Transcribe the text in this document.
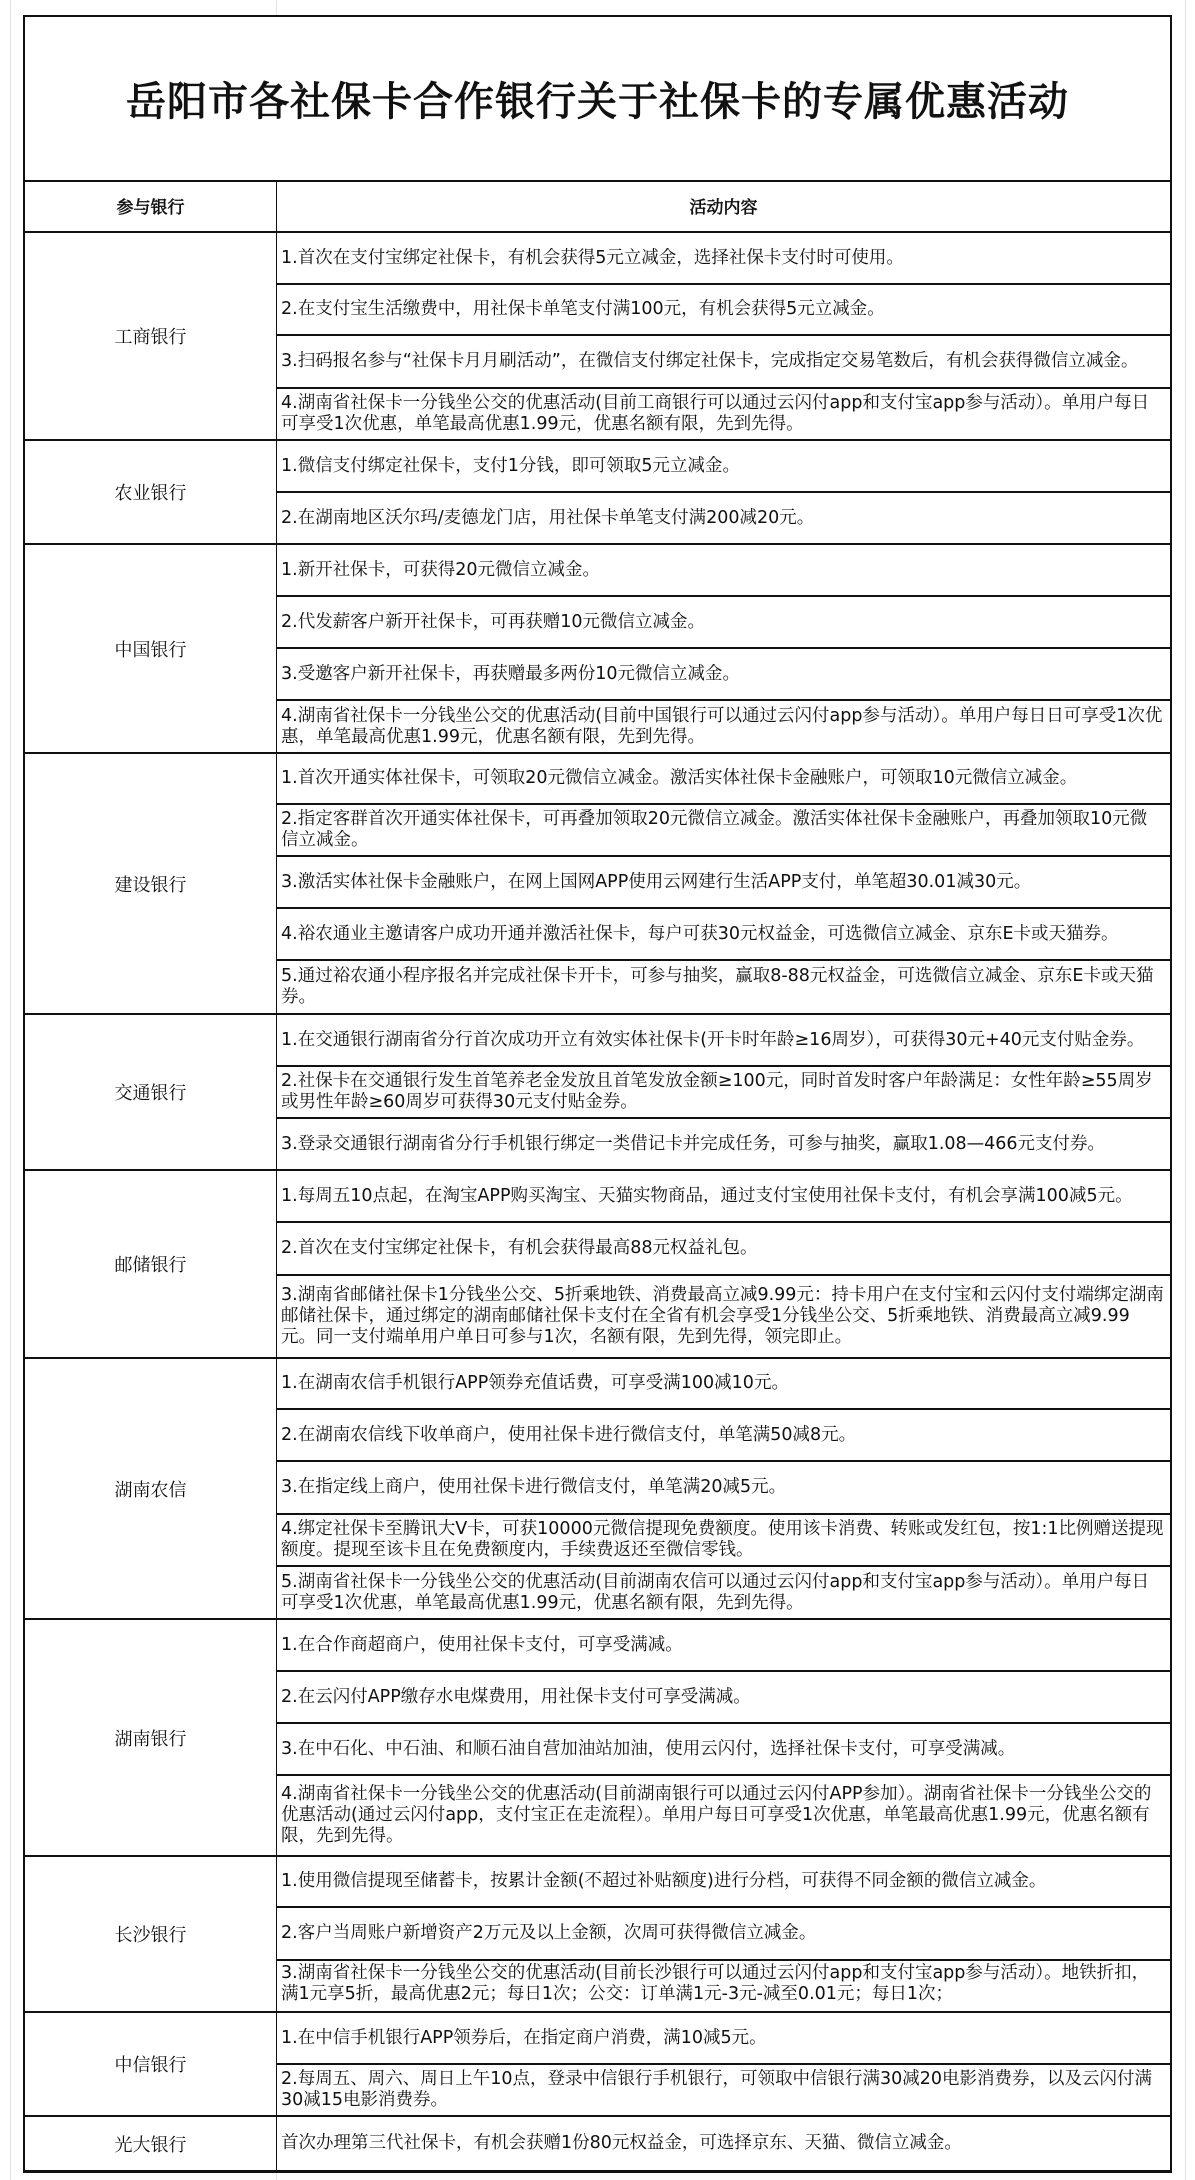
岳阳市各社保卡合作银行关于社保卡的专属优惠活动
参与银行	活动内容
1.首次在支付宝绑定社保卡，有机会获得5元立减金，选择社保卡支付时可使用。
2.在支付宝生活缴费中，用社保卡单笔支付满100元，有机会获得5元立减金。
3.扫码报名参与“社保卡月月刷活动”，在微信支付绑定社保卡，完成指定交易笔数后，有机会获得微信立减金。
4.湖南省社保卡一分钱坐公交的优惠活动(目前工商银行可以通过云闪付app和支付宝app参与活动）。单用户每日可享受1次优惠，单笔最高优惠1.99元，优惠名额有限，先到先得。
工商银行
1.微信支付绑定社保卡，支付1分钱，即可领取5元立减金。
2.在湖南地区沃尔玛/麦德龙门店，用社保卡单笔支付满200减20元。
农业银行
1.新开社保卡，可获得20元微信立减金。
2.代发薪客户新开社保卡，可再获赠10元微信立减金。
3.受邀客户新开社保卡，再获赠最多两份10元微信立减金。
4.湖南省社保卡一分钱坐公交的优惠活动(目前中国银行可以通过云闪付app参与活动）。单用户每日日可享受1次优惠，单笔最高优惠1.99元，优惠名额有限，先到先得。
中国银行
1.首次开通实体社保卡，可领取20元微信立减金。激活实体社保卡金融账户，可领取10元微信立减金。
2.指定客群首次开通实体社保卡，可再叠加领取20元微信立减金。激活实体社保卡金融账户，再叠加领取10元微信立减金。
3.激活实体社保卡金融账户，在网上国网APP使用云网建行生活APP支付，单笔超30.01减30元。
4.裕农通业主邀请客户成功开通并激活社保卡，每户可获30元权益金，可选微信立减金、京东E卡或天猫券。
5.通过裕农通小程序报名并完成社保卡开卡，可参与抽奖，赢取8-88元权益金，可选微信立减金、京东E卡或天猫券。
建设银行
1.在交通银行湖南省分行首次成功开立有效实体社保卡(开卡时年龄≥16周岁），可获得30元+40元支付贴金券。
2.社保卡在交通银行发生首笔养老金发放且首笔发放金额≥100元，同时首发时客户年龄满足：女性年龄≥55周岁或男性年龄≥60周岁可获得30元支付贴金券。
3.登录交通银行湖南省分行手机银行绑定一类借记卡并完成任务，可参与抽奖，赢取1.08—466元支付券。
交通银行
1.每周五10点起，在淘宝APP购买淘宝、天猫实物商品，通过支付宝使用社保卡支付，有机会享满100减5元。
2.首次在支付宝绑定社保卡，有机会获得最高88元权益礼包。
3.湖南省邮储社保卡1分钱坐公交、5折乘地铁、消费最高立减9.99元：持卡用户在支付宝和云闪付支付端绑定湖南邮储社保卡，通过绑定的湖南邮储社保卡支付在全省有机会享受1分钱坐公交、5折乘地铁、消费最高立减9.99元。同一支付端单用户单日可参与1次，名额有限，先到先得，领完即止。
邮储银行
1.在湖南农信手机银行APP领券充值话费，可享受满100减10元。
2.在湖南农信线下收单商户，使用社保卡进行微信支付，单笔满50减8元。
3.在指定线上商户，使用社保卡进行微信支付，单笔满20减5元。
4.绑定社保卡至腾讯大V卡，可获10000元微信提现免费额度。使用该卡消费、转账或发红包，按1:1比例赠送提现额度。提现至该卡且在免费额度内，手续费返还至微信零钱。
5.湖南省社保卡一分钱坐公交的优惠活动(目前湖南农信可以通过云闪付app和支付宝app参与活动）。单用户每日可享受1次优惠，单笔最高优惠1.99元，优惠名额有限，先到先得。
湖南农信
1.在合作商超商户，使用社保卡支付，可享受满减。
2.在云闪付APP缴存水电煤费用，用社保卡支付可享受满减。
3.在中石化、中石油、和顺石油自营加油站加油，使用云闪付，选择社保卡支付，可享受满减。
4.湖南省社保卡一分钱坐公交的优惠活动(目前湖南银行可以通过云闪付APP参加）。湖南省社保卡一分钱坐公交的优惠活动(通过云闪付app，支付宝正在走流程）。单用户每日可享受1次优惠，单笔最高优惠1.99元，优惠名额有限，先到先得。
湖南银行
1.使用微信提现至储蓄卡，按累计金额(不超过补贴额度)进行分档，可获得不同金额的微信立减金。
2.客户当周账户新增资产2万元及以上金额，次周可获得微信立减金。
3.湖南省社保卡一分钱坐公交的优惠活动(目前长沙银行可以通过云闪付app和支付宝app参与活动）。地铁折扣，满1元享5折，最高优惠2元；每日1次；公交：订单满1元-3元-减至0.01元；每日1次；
长沙银行
1.在中信手机银行APP领券后，在指定商户消费，满10减5元。
2.每周五、周六、周日上午10点，登录中信银行手机银行，可领取中信银行满30减20电影消费券，以及云闪付满30减15电影消费券。
中信银行
首次办理第三代社保卡，有机会获赠1份80元权益金，可选择京东、天猫、微信立减金。
光大银行
